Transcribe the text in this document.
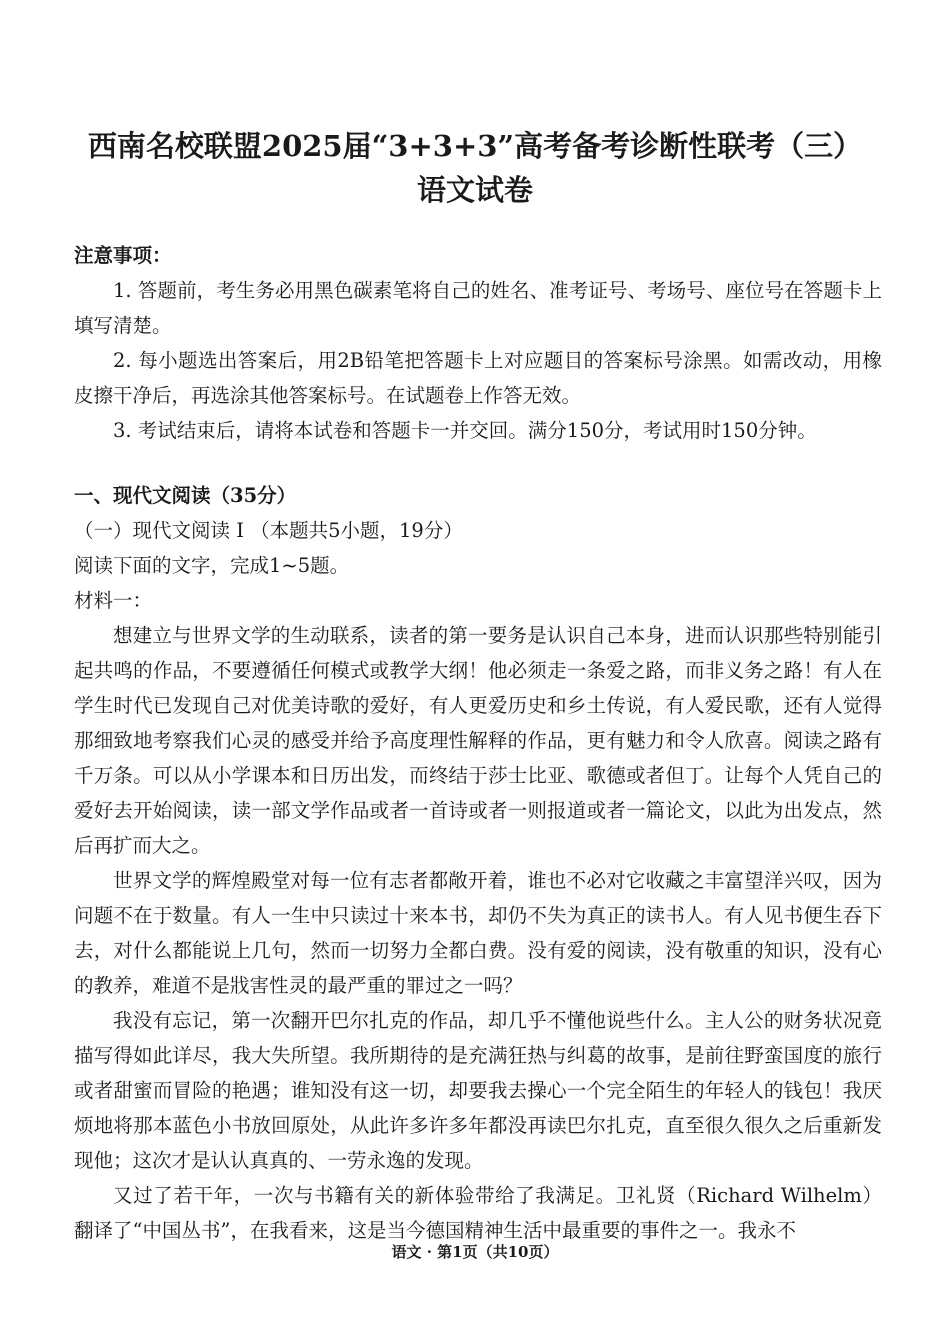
西南名校联盟2025届“3+3+3”高考备考诊断性联考（三）
语文试卷
注意事项：
1. 答题前，考生务必用黑色碳素笔将自己的姓名、准考证号、考场号、座位号在答题卡上填写清楚。
2. 每小题选出答案后，用2B铅笔把答题卡上对应题目的答案标号涂黑。如需改动，用橡皮擦干净后，再选涂其他答案标号。在试题卷上作答无效。
3. 考试结束后，请将本试卷和答题卡一并交回。满分150分，考试用时150分钟。
一、现代文阅读（35分）
（一）现代文阅读 I （本题共5小题，19分）
阅读下面的文字，完成1~5题。
材料一：
想建立与世界文学的生动联系，读者的第一要务是认识自己本身，进而认识那些特别能引起共鸣的作品，不要遵循任何模式或教学大纲！他必须走一条爱之路，而非义务之路！有人在学生时代已发现自己对优美诗歌的爱好，有人更爱历史和乡土传说，有人爱民歌，还有人觉得那细致地考察我们心灵的感受并给予高度理性解释的作品，更有魅力和令人欣喜。阅读之路有千万条。可以从小学课本和日历出发，而终结于莎士比亚、歌德或者但丁。让每个人凭自己的爱好去开始阅读，读一部文学作品或者一首诗或者一则报道或者一篇论文，以此为出发点，然后再扩而大之。
世界文学的辉煌殿堂对每一位有志者都敞开着，谁也不必对它收藏之丰富望洋兴叹，因为问题不在于数量。有人一生中只读过十来本书，却仍不失为真正的读书人。有人见书便生吞下去，对什么都能说上几句，然而一切努力全都白费。没有爱的阅读，没有敬重的知识，没有心的教养，难道不是戕害性灵的最严重的罪过之一吗？
我没有忘记，第一次翻开巴尔扎克的作品，却几乎不懂他说些什么。主人公的财务状况竟描写得如此详尽，我大失所望。我所期待的是充满狂热与纠葛的故事，是前往野蛮国度的旅行或者甜蜜而冒险的艳遇；谁知没有这一切，却要我去操心一个完全陌生的年轻人的钱包！我厌烦地将那本蓝色小书放回原处，从此许多许多年都没再读巴尔扎克，直至很久很久之后重新发现他；这次才是认认真真的、一劳永逸的发现。
又过了若干年，一次与书籍有关的新体验带给了我满足。卫礼贤（Richard Wilhelm）翻译了“中国丛书”，在我看来，这是当今德国精神生活中最重要的事件之一。我永不
语文 · 第1页（共10页）
